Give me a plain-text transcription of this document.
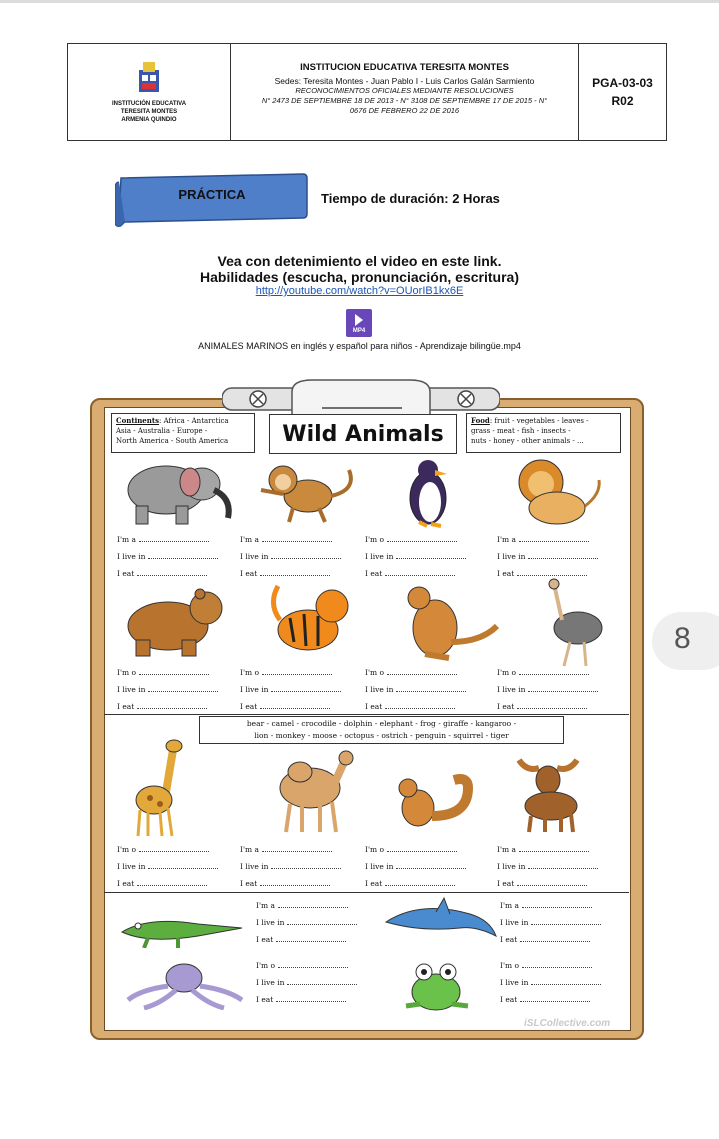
INSTITUCIÓN EDUCATIVA
TERESITA MONTES
ARMENIA QUINDIO
INSTITUCION EDUCATIVA TERESITA MONTES
Sedes: Teresita Montes - Juan Pablo I - Luis Carlos Galán Sarmiento
RECONOCIMIENTOS OFICIALES MEDIANTE RESOLUCIONES
N° 2473 DE SEPTIEMBRE 18 DE 2013 - N° 3108 DE SEPTIEMBRE 17 DE 2015 - N°
0676 DE FEBRERO 22 DE 2016
PGA-03-03
R02
PRÁCTICA	Tiempo de duración: 2 Horas
Vea con detenimiento el video en este link.
Habilidades (escucha, pronunciación, escritura)
http://youtube.com/watch?v=OUorIB1kx6E
MP4
ANIMALES MARINOS en inglés y español para niños - Aprendizaje bilingüe.mp4
Continents: Africa - Antarctica
Asia - Australia - Europe -
North America - South America	Wild Animals
Food: fruit - vegetables - leaves -
grass - meat - fish - insects -
nuts - honey - other animals - ...
I'm a
I live in
I eat
I'm a
I live in
I eat
I'm o
I live in
I eat
I'm a
I live in
I eat
I'm o
I live in
I eat
I'm o
I live in
I eat
I'm o
I live in
I eat
I'm o
I live in
I eat
bear - camel - crocodile - dolphin - elephant - frog - giraffe - kangaroo -
lion - monkey - moose - octopus - ostrich - penguin - squirrel - tiger
I'm o
I live in
I eat
I'm a
I live in
I eat
I'm o
I live in
I eat
I'm a
I live in
I eat
I'm a
I live in
I eat
I'm a
I live in
I eat
I'm o
I live in
I eat
I'm o
I live in
I eat
iSLCollective.com
8
